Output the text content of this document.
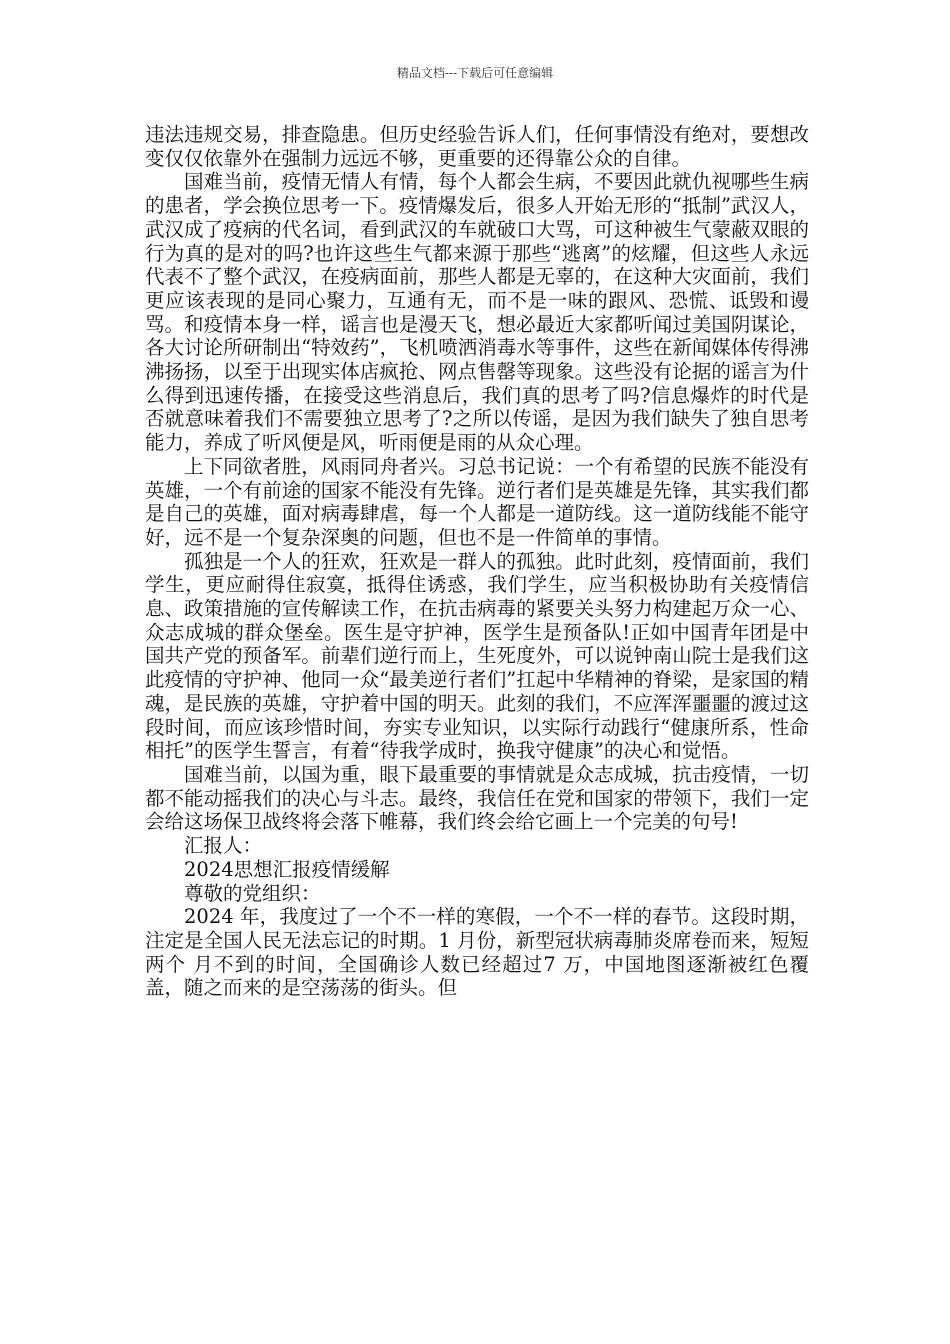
精品文档---下载后可任意编辑

违法违规交易，排查隐患。但历史经验告诉人们，任何事情没有绝对，要想改变仅仅依靠外在强制力远远不够，更重要的还得靠公众的自律。

国难当前，疫情无情人有情，每个人都会生病，不要因此就仇视哪些生病的患者，学会换位思考一下。疫情爆发后，很多人开始无形的“抵制”武汉人，武汉成了疫病的代名词，看到武汉的车就破口大骂，可这种被生气蒙蔽双眼的行为真的是对的吗?也许这些生气都来源于那些“逃离”的炫耀，但这些人永远代表不了整个武汉，在疫病面前，那些人都是无辜的，在这种大灾面前，我们更应该表现的是同心聚力，互通有无，而不是一味的跟风、恐慌、诋毁和谩骂。和疫情本身一样，谣言也是漫天飞，想必最近大家都听闻过美国阴谋论，各大讨论所研制出“特效药”，飞机喷洒消毒水等事件，这些在新闻媒体传得沸沸扬扬，以至于出现实体店疯抢、网点售罄等现象。这些没有论据的谣言为什么得到迅速传播，在接受这些消息后，我们真的思考了吗?信息爆炸的时代是否就意味着我们不需要独立思考了?之所以传谣，是因为我们缺失了独自思考能力，养成了听风便是风，听雨便是雨的从众心理。

上下同欲者胜，风雨同舟者兴。习总书记说：一个有希望的民族不能没有英雄，一个有前途的国家不能没有先锋。逆行者们是英雄是先锋，其实我们都是自己的英雄，面对病毒肆虐，每一个人都是一道防线。这一道防线能不能守好，远不是一个复杂深奥的问题，但也不是一件简单的事情。

孤独是一个人的狂欢，狂欢是一群人的孤独。此时此刻，疫情面前，我们学生，更应耐得住寂寞，抵得住诱惑，我们学生，应当积极协助有关疫情信息、政策措施的宣传解读工作，在抗击病毒的紧要关头努力构建起万众一心、众志成城的群众堡垒。医生是守护神，医学生是预备队!正如中国青年团是中国共产党的预备军。前辈们逆行而上，生死度外，可以说钟南山院士是我们这此疫情的守护神、他同一众“最美逆行者们”扛起中华精神的脊梁，是家国的精魂，是民族的英雄，守护着中国的明天。此刻的我们，不应浑浑噩噩的渡过这段时间，而应该珍惜时间，夯实专业知识，以实际行动践行“健康所系，性命相托”的医学生誓言，有着“待我学成时，换我守健康”的决心和觉悟。

国难当前，以国为重，眼下最重要的事情就是众志成城，抗击疫情，一切都不能动摇我们的决心与斗志。最终，我信任在党和国家的带领下，我们一定会给这场保卫战终将会落下帷幕，我们终会给它画上一个完美的句号!

汇报人：

2024思想汇报疫情缓解

尊敬的党组织：

2024 年，我度过了一个不一样的寒假，一个不一样的春节。这段时期，注定是全国人民无法忘记的时期。1 月份，新型冠状病毒肺炎席卷而来，短短两个 月不到的时间，全国确诊人数已经超过7 万，中国地图逐渐被红色覆盖，随之而来的是空荡荡的街头。但
